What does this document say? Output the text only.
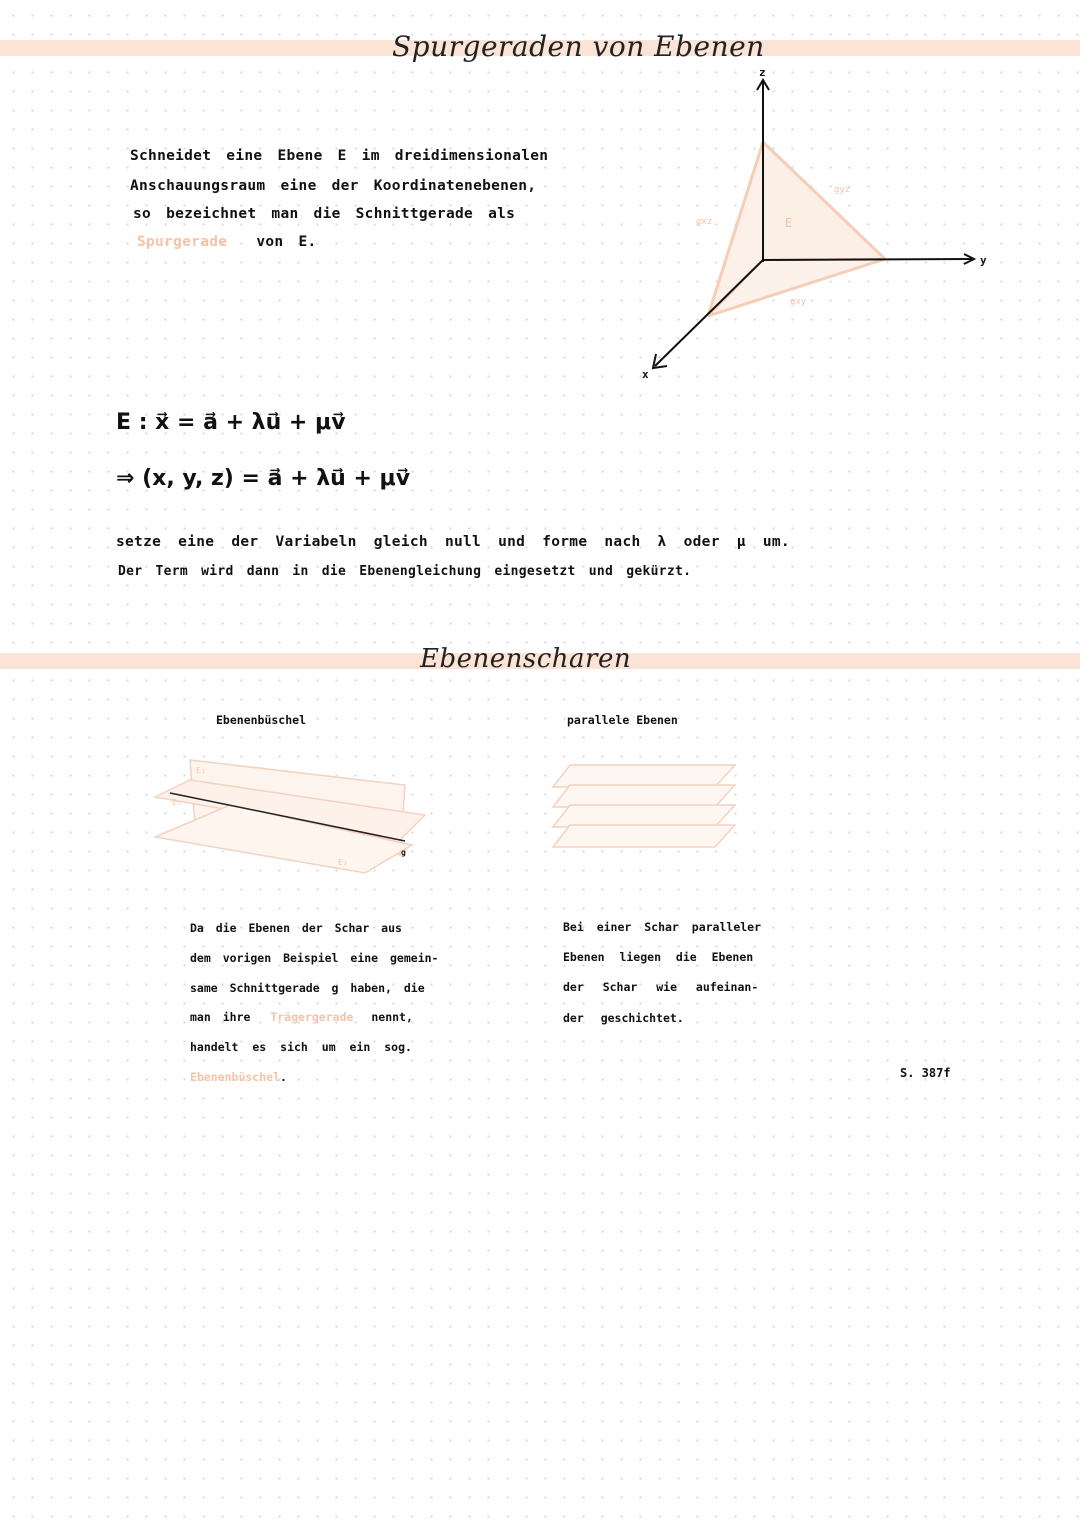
Spurgeraden von Ebenen
Schneidet eine Ebene E im dreidimensionalen
Anschauungsraum eine der Koordinatenebenen,
so bezeichnet man die Schnittgerade als
Spurgerade von E.
z
y
x
gxz
gyz
gxy
E
E : x⃗ = a⃗ + λu⃗ + μv⃗
⇒ (x, y, z) = a⃗ + λu⃗ + μv⃗
setze eine der Variabeln gleich null und forme nach λ oder μ um.
Der Term wird dann in die Ebenengleichung eingesetzt und gekürzt.
Ebenenscharen
Ebenenbüschel	parallele Ebenen
E₁
E₂
E₃
g
Da die Ebenen der Schar aus
dem vorigen Beispiel eine gemein-
same Schnittgerade g haben, die
man ihre Trägergerade nennt,
handelt es sich um ein sog.
Ebenenbüschel.
Bei einer Schar paralleler
Ebenen liegen die Ebenen
der Schar wie aufeinan-
der geschichtet.
S. 387f
